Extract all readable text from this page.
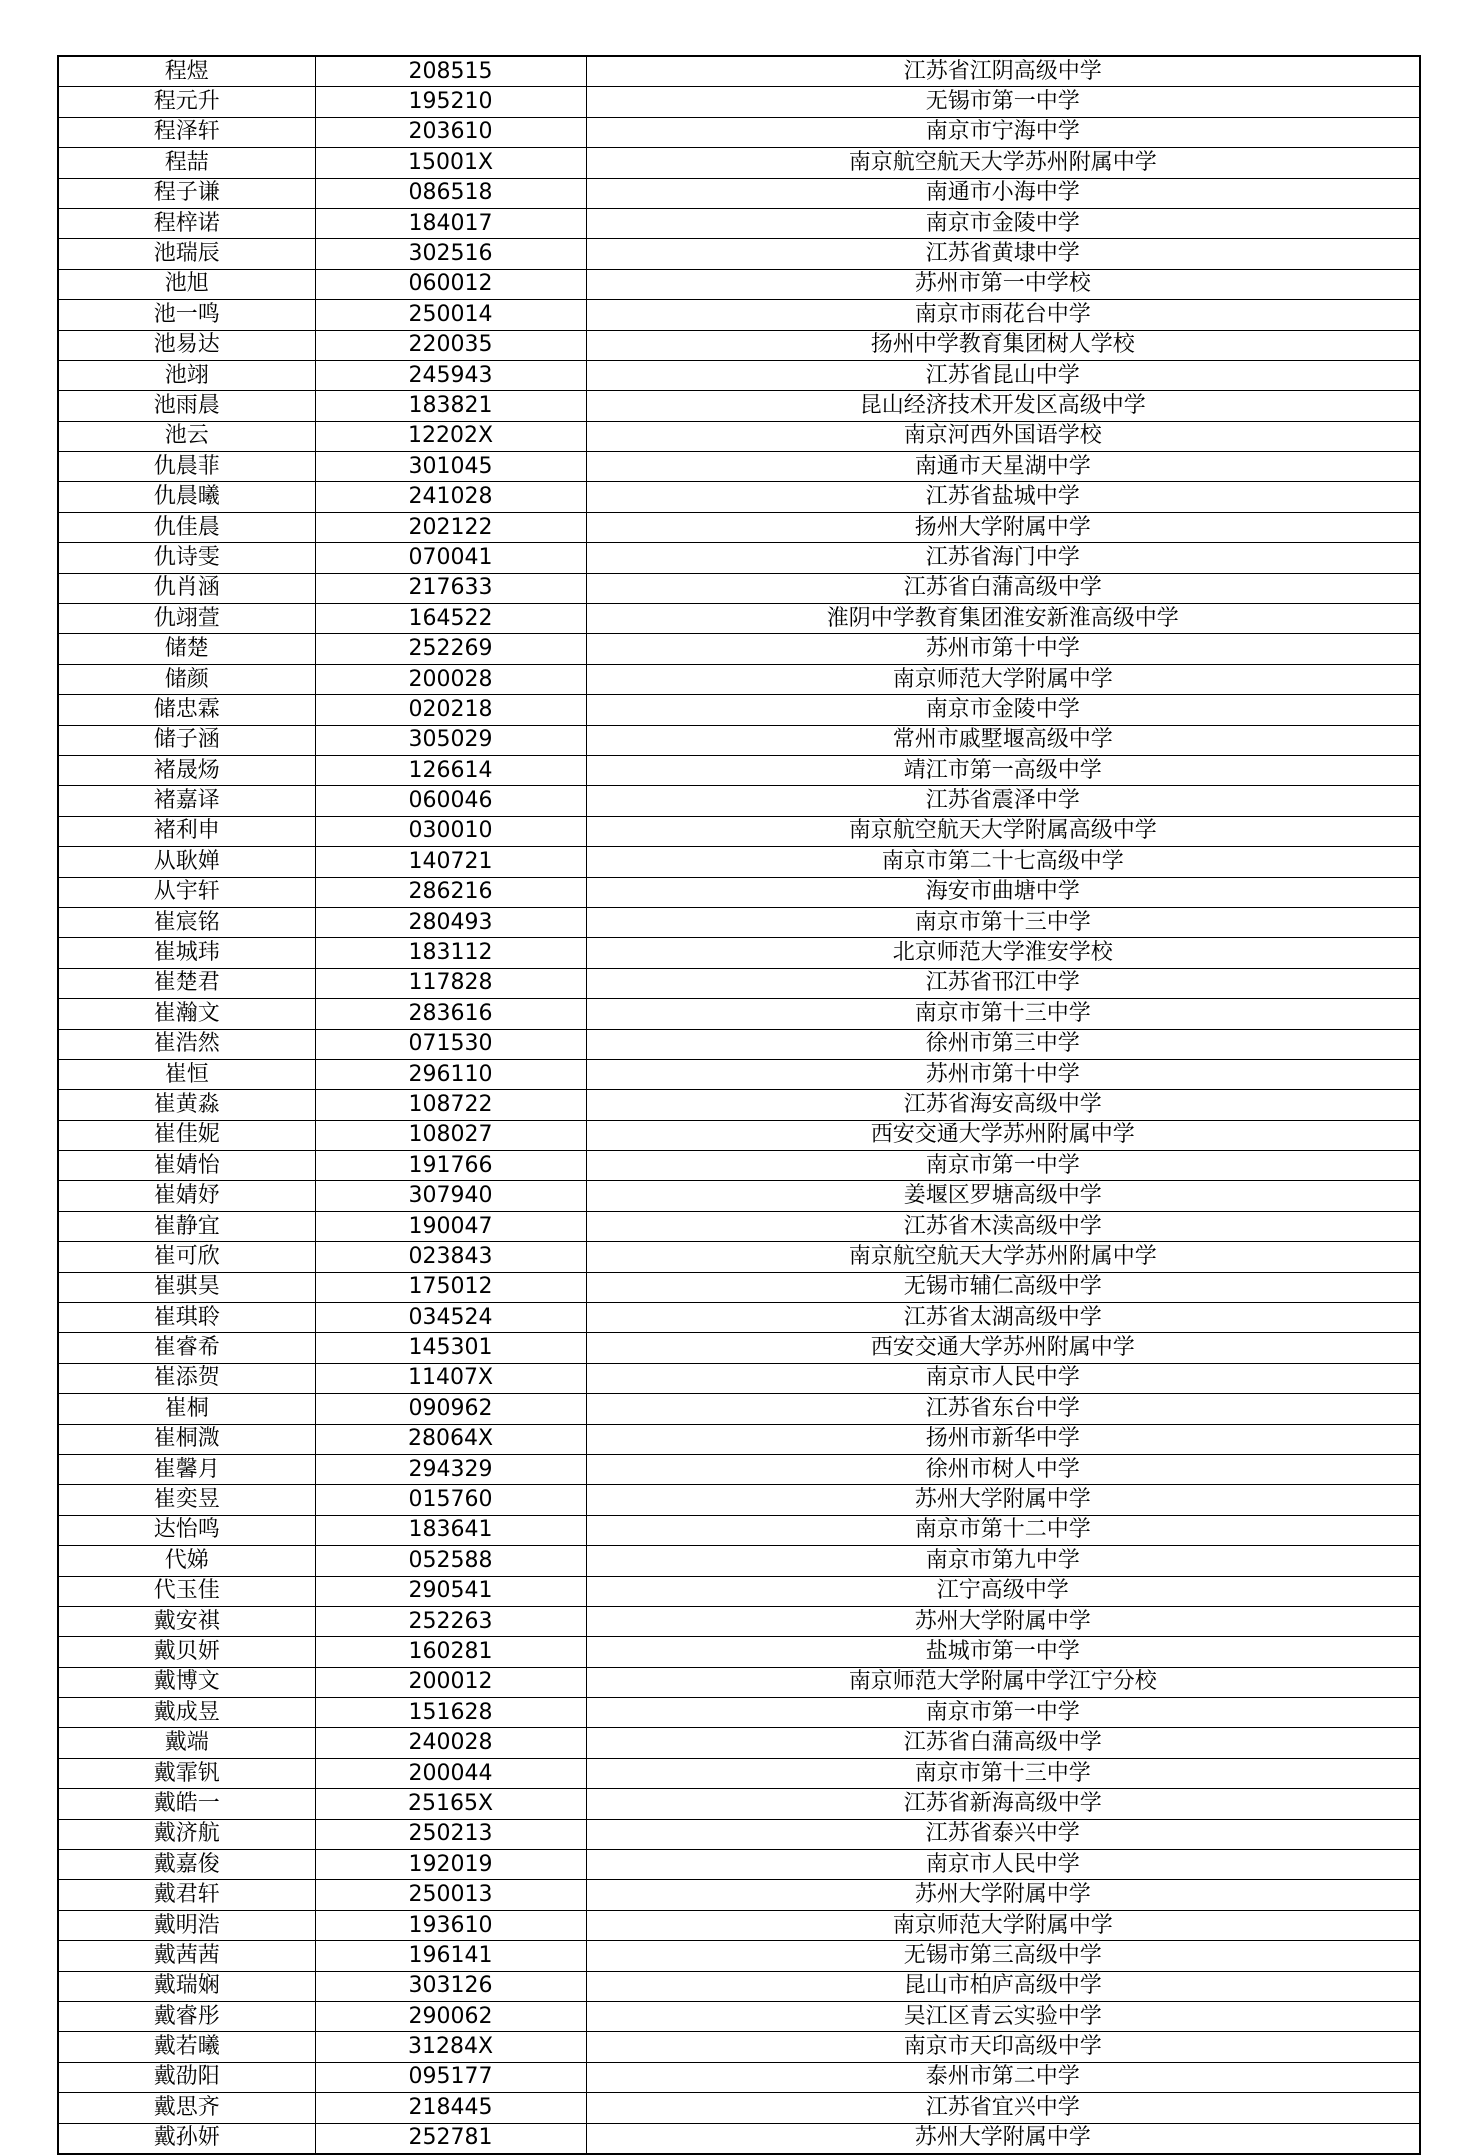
程煜	208515	江苏省江阴高级中学
程元升	195210	无锡市第一中学
程泽轩	203610	南京市宁海中学
程喆	15001X	南京航空航天大学苏州附属中学
程子谦	086518	南通市小海中学
程梓诺	184017	南京市金陵中学
池瑞辰	302516	江苏省黄埭中学
池旭	060012	苏州市第一中学校
池一鸣	250014	南京市雨花台中学
池易达	220035	扬州中学教育集团树人学校
池翊	245943	江苏省昆山中学
池雨晨	183821	昆山经济技术开发区高级中学
池云	12202X	南京河西外国语学校
仇晨菲	301045	南通市天星湖中学
仇晨曦	241028	江苏省盐城中学
仇佳晨	202122	扬州大学附属中学
仇诗雯	070041	江苏省海门中学
仇肖涵	217633	江苏省白蒲高级中学
仇翊萱	164522	淮阴中学教育集团淮安新淮高级中学
储楚	252269	苏州市第十中学
储颜	200028	南京师范大学附属中学
储忠霖	020218	南京市金陵中学
储子涵	305029	常州市戚墅堰高级中学
褚晟炀	126614	靖江市第一高级中学
褚嘉译	060046	江苏省震泽中学
褚利申	030010	南京航空航天大学附属高级中学
从耿婵	140721	南京市第二十七高级中学
从宇轩	286216	海安市曲塘中学
崔宸铭	280493	南京市第十三中学
崔城玮	183112	北京师范大学淮安学校
崔楚君	117828	江苏省邗江中学
崔瀚文	283616	南京市第十三中学
崔浩然	071530	徐州市第三中学
崔恒	296110	苏州市第十中学
崔黄淼	108722	江苏省海安高级中学
崔佳妮	108027	西安交通大学苏州附属中学
崔婧怡	191766	南京市第一中学
崔婧妤	307940	姜堰区罗塘高级中学
崔静宜	190047	江苏省木渎高级中学
崔可欣	023843	南京航空航天大学苏州附属中学
崔骐昊	175012	无锡市辅仁高级中学
崔琪聆	034524	江苏省太湖高级中学
崔睿希	145301	西安交通大学苏州附属中学
崔添贺	11407X	南京市人民中学
崔桐	090962	江苏省东台中学
崔桐溦	28064X	扬州市新华中学
崔馨月	294329	徐州市树人中学
崔奕昱	015760	苏州大学附属中学
达怡鸣	183641	南京市第十二中学
代娣	052588	南京市第九中学
代玉佳	290541	江宁高级中学
戴安祺	252263	苏州大学附属中学
戴贝妍	160281	盐城市第一中学
戴博文	200012	南京师范大学附属中学江宁分校
戴成昱	151628	南京市第一中学
戴端	240028	江苏省白蒲高级中学
戴霏钒	200044	南京市第十三中学
戴皓一	25165X	江苏省新海高级中学
戴济航	250213	江苏省泰兴中学
戴嘉俊	192019	南京市人民中学
戴君轩	250013	苏州大学附属中学
戴明浩	193610	南京师范大学附属中学
戴茜茜	196141	无锡市第三高级中学
戴瑞娴	303126	昆山市柏庐高级中学
戴睿彤	290062	吴江区青云实验中学
戴若曦	31284X	南京市天印高级中学
戴劭阳	095177	泰州市第二中学
戴思齐	218445	江苏省宜兴中学
戴孙妍	252781	苏州大学附属中学
